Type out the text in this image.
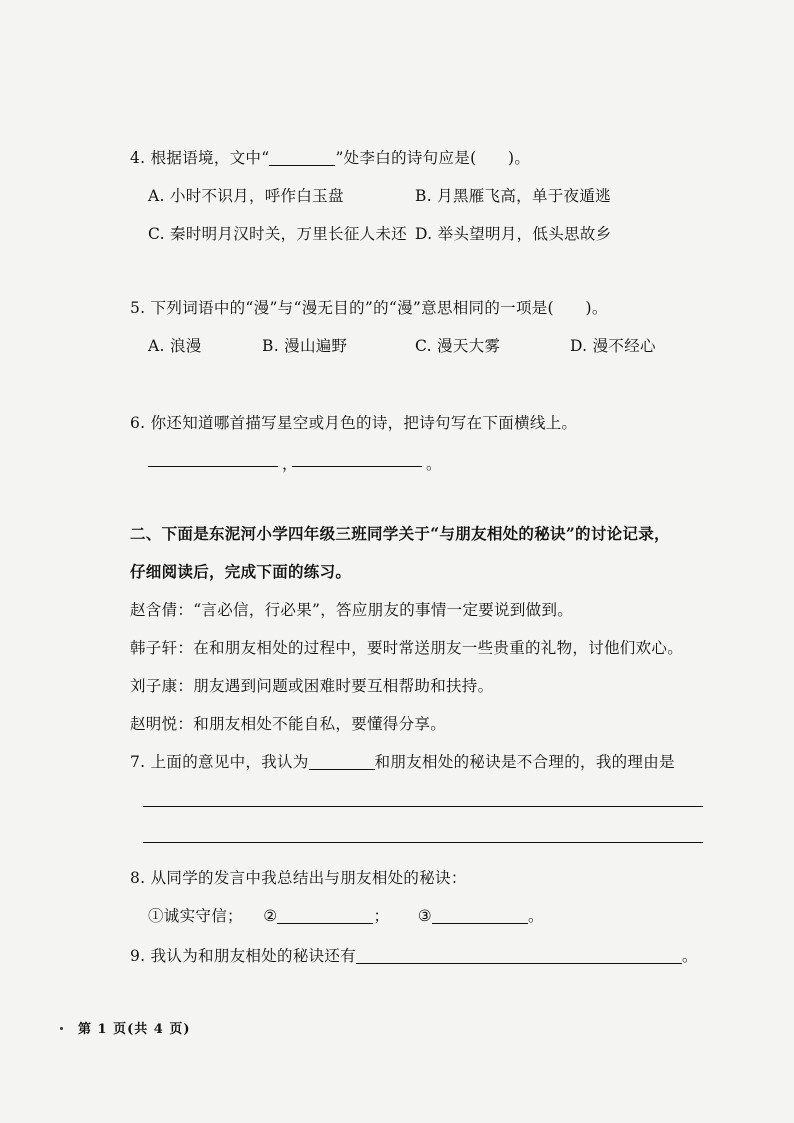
4. 根据语境，文中“	”处李白的诗句应是(　　)。
A. 小时不识月，呼作白玉盘	B. 月黑雁飞高，单于夜遁逃
C. 秦时明月汉时关，万里长征人未还 D. 举头望明月，低头思故乡
5. 下列词语中的“漫”与“漫无目的”的“漫”意思相同的一项是(　　)。
A. 浪漫	B. 漫山遍野	C. 漫天大雾	D. 漫不经心
6. 你还知道哪首描写星空或月色的诗，把诗句写在下面横线上。
，	。
二、下面是东泥河小学四年级三班同学关于“与朋友相处的秘诀”的讨论记录，
仔细阅读后，完成下面的练习。
赵含倩：“言必信，行必果”，答应朋友的事情一定要说到做到。
韩子轩：在和朋友相处的过程中，要时常送朋友一些贵重的礼物，讨他们欢心。
刘子康：朋友遇到问题或困难时要互相帮助和扶持。
赵明悦：和朋友相处不能自私，要懂得分享。
7. 上面的意见中，我认为	和朋友相处的秘诀是不合理的，我的理由是
8. 从同学的发言中我总结出与朋友相处的秘诀：
①诚实守信； ②	； ③	。
9. 我认为和朋友相处的秘诀还有	。
第 1 页(共 4 页)
